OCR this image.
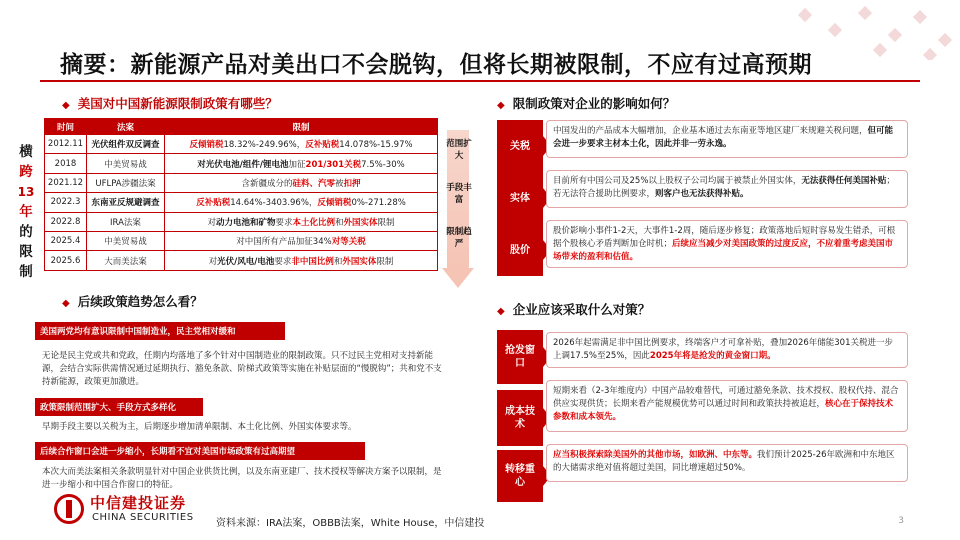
摘要：新能源产品对美出口不会脱钩，但将长期被限制，不应有过高预期
◆ 美国对中国新能源限制政策有哪些？
横
跨
13
年
的
限
制
时间	法案	限制
2012.11	光伏组件双反调查	反倾销税18.32%-249.96%，反补贴税14.078%-15.97%
2018	中美贸易战	对光伏电池/组件/锂电池加征201/301关税7.5%-30%
2021.12	UFLPA涉疆法案	含新疆成分的硅料、汽零被扣押
2022.3	东南亚反规避调查	反补贴税14.64%-3403.96%，反倾销税0%-271.28%
2022.8	IRA法案	对动力电池和矿物要求本土化比例和外国实体限制
2025.4	中美贸易战	对中国所有产品加征34%对等关税
2025.6	大而美法案	对光伏/风电/电池要求非中国比例和外国实体限制
范围扩大
手段丰富
限制趋严
◆ 后续政策趋势怎么看？
美国两党均有意识限制中国制造业，民主党相对缓和
无论是民主党或共和党政，任期内均落地了多个针对中国制造业的限制政策。只不过民主党相对支持新能源，会结合实际供需情况通过延期执行、豁免条款、阶梯式政策等实施在补贴层面的“慢脱钩”；共和党不支持新能源，政策更加激进。
政策限制范围扩大、手段方式多样化
早期手段主要以关税为主，后期逐步增加清单限制、本土化比例、外国实体要求等。
后续合作窗口会进一步缩小，长期看不宜对美国市场政策有过高期望
本次大而美法案相关条款明显针对中国企业供货比例，以及东南亚建厂、技术授权等解决方案予以限制，是进一步缩小和中国合作窗口的特征。
◆ 限制政策对企业的影响如何？
关税
中国发出的产品成本大幅增加，企业基本通过去东南亚等地区建厂来规避关税问题，但可能会进一步要求主材本土化，因此并非一劳永逸。
实体
目前所有中国公司及25%以上股权子公司均属于被禁止外国实体，无法获得任何美国补贴；若无法符合援助比例要求，则客户也无法获得补贴。
股价
股价影响小事件1-2天，大事件1-2周，随后逐步修复；政策落地后短时容易发生错杀，可根据个股核心矛盾判断加仓时机；后续应当减少对美国政策的过度反应，不应着重考虑美国市场带来的盈利和估值。
◆ 企业应该采取什么对策？
抢发窗口
2026年起需满足非中国比例要求，终端客户才可拿补贴，叠加2026年储能301关税进一步上调17.5%至25%，因此2025年将是抢发的黄金窗口期。
成本技术
短期来看（2-3年维度内）中国产品较难替代，可通过豁免条款、技术授权、股权代持、混合供应实现供货；长期来看产能规模优势可以通过时间和政策扶持被追赶，核心在于保持技术参数和成本领先。
转移重心
应当积极探索除美国外的其他市场，如欧洲、中东等。我们预计2025-26年欧洲和中东地区的大储需求绝对值将超过美国，同比增速超过50%。
中信建投证券
CHINA SECURITIES
资料来源：IRA法案，OBBB法案，White House，中信建投	3
